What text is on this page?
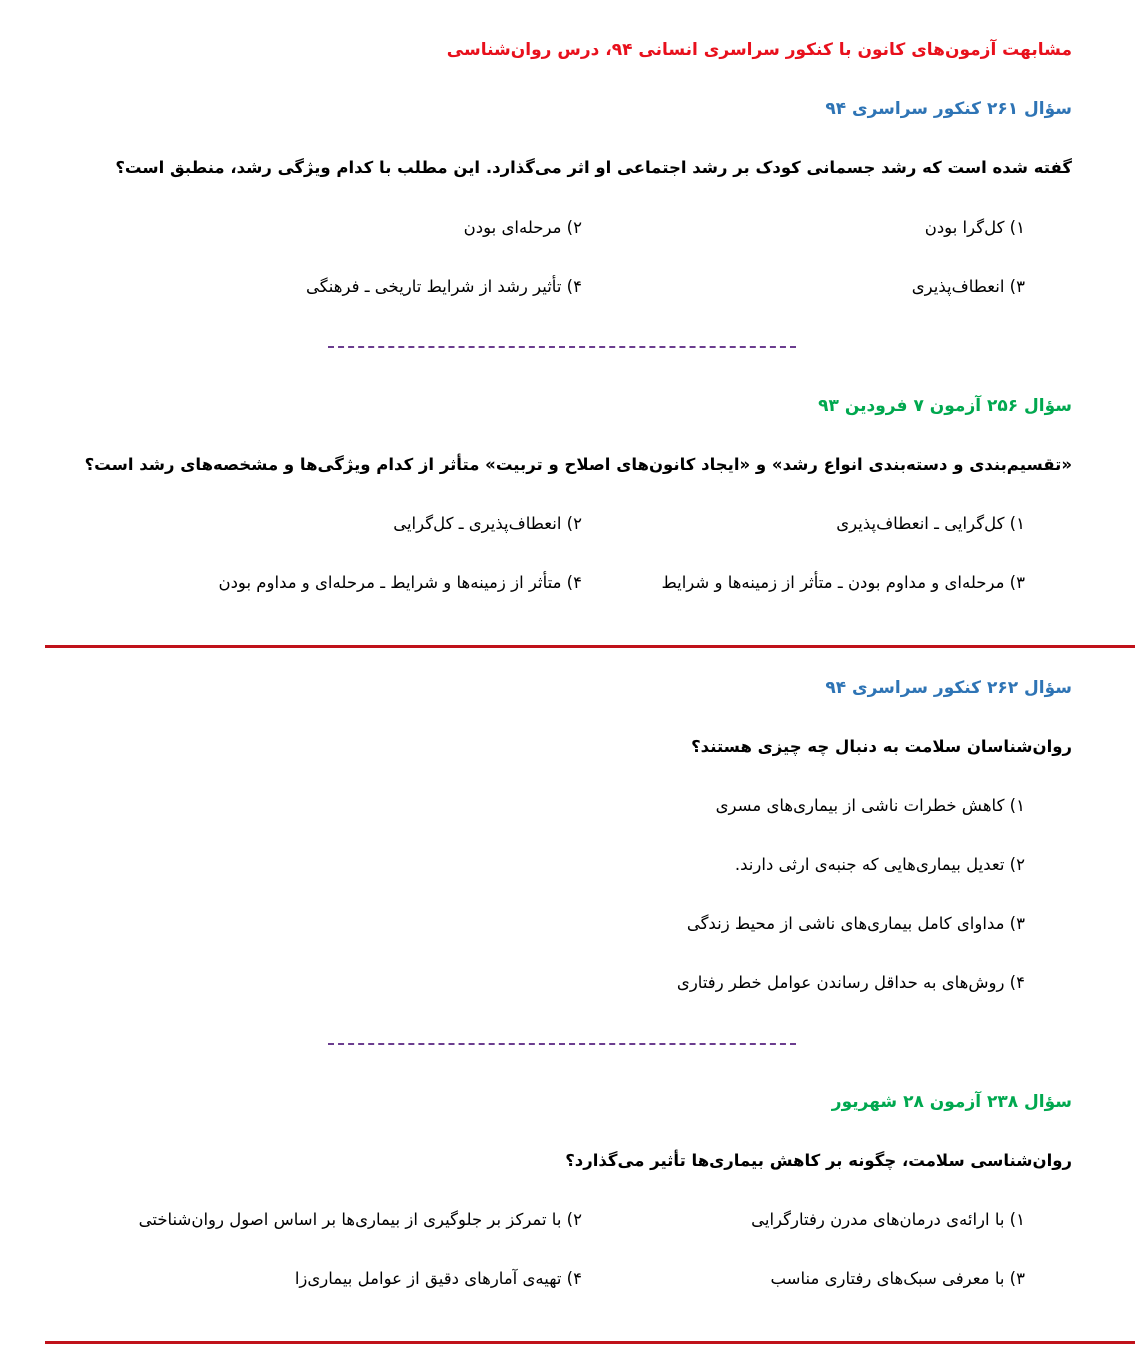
مشابهت آزمون‌های کانون با کنکور سراسری انسانی ۹۴، درس روان‌شناسی
سؤال ۲۶۱ کنکور سراسری ۹۴
گفته شده است که رشد جسمانی کودک بر رشد اجتماعی او اثر می‌گذارد. این مطلب با کدام ویژگی رشد، منطبق است؟
۱) کل‌گرا بودن
۲) مرحله‌ای بودن
۳) انعطاف‌پذیری
۴) تأثیر رشد از شرایط تاریخی ـ فرهنگی
سؤال ۲۵۶ آزمون ۷ فرودین ۹۳
«تقسیم‌بندی و دسته‌بندی انواع رشد» و «ایجاد کانون‌های اصلاح و تربیت» متأثر از کدام ویژگی‌ها و مشخصه‌های رشد است؟
۱) کل‌گرایی ـ انعطاف‌پذیری
۲) انعطاف‌پذیری ـ کل‌گرایی
۳) مرحله‌ای و مداوم بودن ـ متأثر از زمینه‌ها و شرایط
۴) متأثر از زمینه‌ها و شرایط ـ مرحله‌ای و مداوم بودن
سؤال ۲۶۲ کنکور سراسری ۹۴
روان‌شناسان سلامت به دنبال چه چیزی هستند؟
۱) کاهش خطرات ناشی از بیماری‌های مسری
۲) تعدیل بیماری‌هایی که جنبه‌ی ارثی دارند.
۳) مداوای کامل بیماری‌های ناشی از محیط زندگی
۴) روش‌های به حداقل رساندن عوامل خطر رفتاری
سؤال ۲۳۸ آزمون ۲۸ شهریور
روان‌شناسی سلامت، چگونه بر کاهش بیماری‌ها تأثیر می‌گذارد؟
۱) با ارائه‌ی درمان‌های مدرن رفتارگرایی
۲) با تمرکز بر جلوگیری از بیماری‌ها بر اساس اصول روان‌شناختی
۳) با معرفی سبک‌های رفتاری مناسب
۴) تهیه‌ی آمارهای دقیق از عوامل بیماری‌زا
